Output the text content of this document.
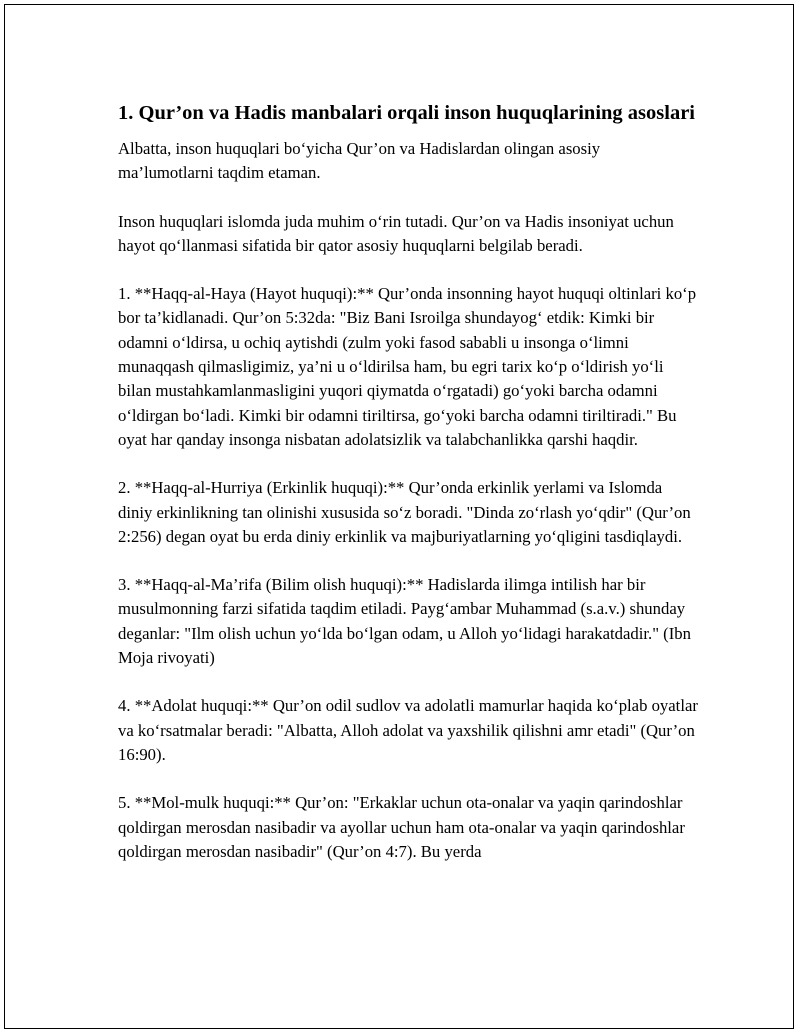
1. Qur’on va Hadis manbalari orqali inson huquqlarining asoslari

Albatta, inson huquqlari bo‘yicha Qur’on va Hadislardan olingan asosiy ma’lumotlarni taqdim etaman.

Inson huquqlari islomda juda muhim o‘rin tutadi. Qur’on va Hadis insoniyat uchun hayot qo‘llanmasi sifatida bir qator asosiy huquqlarni belgilab beradi.

1. **Haqq-al-Haya (Hayot huquqi):** Qur’onda insonning hayot huquqi oltinlari ko‘p bor ta’kidlanadi. Qur’on 5:32da: "Biz Bani Isroilga shundayog‘ etdik: Kimki bir odamni o‘ldirsa, u ochiq aytishdi (zulm yoki fasod sababli u insonga o‘limni munaqqash qilmasligimiz, ya’ni u o‘ldirilsa ham, bu egri tarix ko‘p o‘ldirish yo‘li bilan mustahkamlanmasligini yuqori qiymatda o‘rgatadi) go‘yoki barcha odamni o‘ldirgan bo‘ladi. Kimki bir odamni tiriltirsa, go‘yoki barcha odamni tiriltiradi." Bu oyat har qanday insonga nisbatan adolatsizlik va talabchanlikka qarshi haqdir.

2. **Haqq-al-Hurriya (Erkinlik huquqi):** Qur’onda erkinlik yerlami va Islomda diniy erkinlikning tan olinishi xususida so‘z boradi. "Dinda zo‘rlash yo‘qdir" (Qur’on 2:256) degan oyat bu erda diniy erkinlik va majburiyatlarning yo‘qligini tasdiqlaydi.

3. **Haqq-al-Ma’rifa (Bilim olish huquqi):** Hadislarda ilimga intilish har bir musulmonning farzi sifatida taqdim etiladi. Payg‘ambar Muhammad (s.a.v.) shunday deganlar: "Ilm olish uchun yo‘lda bo‘lgan odam, u Alloh yo‘lidagi harakatdadir." (Ibn Moja rivoyati)

4. **Adolat huquqi:** Qur’on odil sudlov va adolatli mamurlar haqida ko‘plab oyatlar va ko‘rsatmalar beradi: "Albatta, Alloh adolat va yaxshilik qilishni amr etadi" (Qur’on 16:90).

5. **Mol-mulk huquqi:** Qur’on: "Erkaklar uchun ota-onalar va yaqin qarindoshlar qoldirgan merosdan nasibadir va ayollar uchun ham ota-onalar va yaqin qarindoshlar qoldirgan merosdan nasibadir" (Qur’on 4:7). Bu yerda
